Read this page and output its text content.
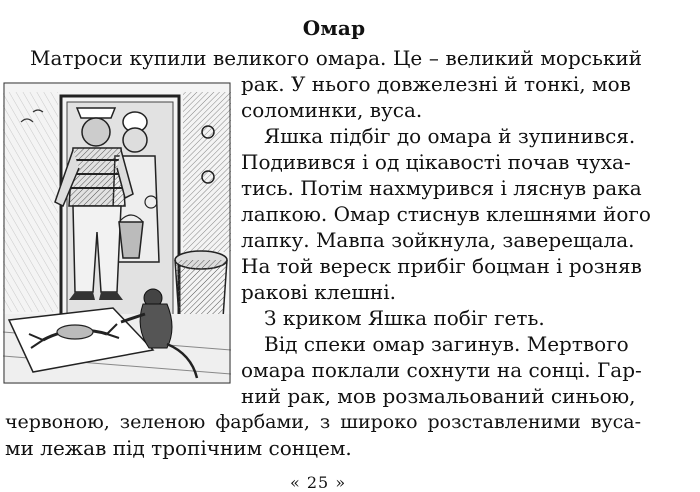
Омар
Матроси купили великого омара. Це – великий морський
рак. У нього довжелезні й тонкі, мов
соломинки, вуса.
Яшка підбіг до омара й зупинився.
Подивився і од цікавості почав чуха-
тись. Потім нахмурився і ляснув рака
лапкою. Омар стиснув клешнями його
лапку. Мавпа зойкнула, заверещала.
На той вереск прибіг боцман і розняв
ракові клешні.
З криком Яшка побіг геть.
Від спеки омар загинув. Мертвого
омара поклали сохнути на сонці. Гар-
ний рак, мов розмальований синьою,
червоною, зеленою фарбами, з широко розставленими вуса-
ми лежав під тропічним сонцем.
« 25 »
